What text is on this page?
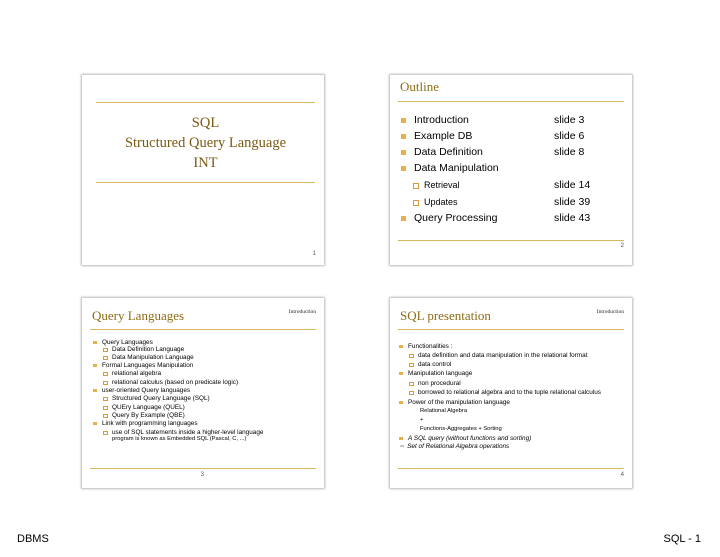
SQL
Structured Query Language
INT
1
Outline
Introduction	slide 3
Example DB	slide 6
Data Definition	slide 8
Data Manipulation
Retrieval	slide 14
Updates	slide 39
Query Processing	slide 43
2
Query Languages	Introduction
Query Languages
Data Definition Language
Data Manipulation Language
Formal Languages Manipulation
relational algebra
relational calculus (based on predicate logic)
user-oriented Query languages
Structured Query Language (SQL)
QUEry Language (QUEL)
Query By Example (QBE)
Link with programming languages
use of SQL statements inside a higher-level language
program is known as Embedded SQL (Pascal, C, ...)
3
SQL presentation	Introduction
Functionalities :
data definition and data manipulation in the relational format
data control
Manipulation language
non procedural
borrowed to relational algebra and to the tuple relational calculus
Power of the manipulation language
Relational Algebra
+
Functions-Aggregates + Sorting
A SQL query (without functions and sorting)
⇔ Set of Relational Algebra operations
4
DBMS	SQL - 1
